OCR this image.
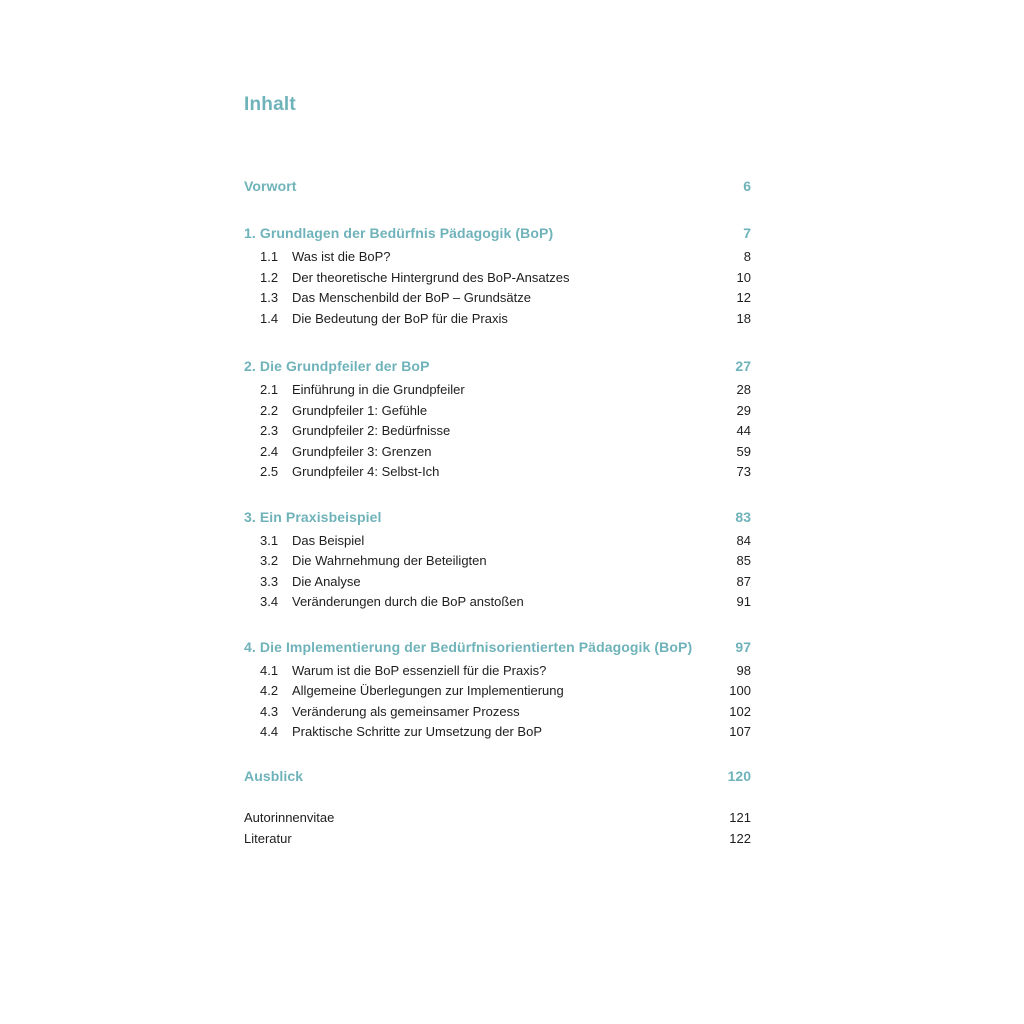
Inhalt
Vorwort	6
1. Grundlagen der Bedürfnis Pädagogik (BoP)	7
1.1 Was ist die BoP?	8
1.2 Der theoretische Hintergrund des BoP-Ansatzes	10
1.3 Das Menschenbild der BoP – Grundsätze	12
1.4 Die Bedeutung der BoP für die Praxis	18
2. Die Grundpfeiler der BoP	27
2.1 Einführung in die Grundpfeiler	28
2.2 Grundpfeiler 1: Gefühle	29
2.3 Grundpfeiler 2: Bedürfnisse	44
2.4 Grundpfeiler 3: Grenzen	59
2.5 Grundpfeiler 4: Selbst-Ich	73
3. Ein Praxisbeispiel	83
3.1 Das Beispiel	84
3.2 Die Wahrnehmung der Beteiligten	85
3.3 Die Analyse	87
3.4 Veränderungen durch die BoP anstoßen	91
4. Die Implementierung der Bedürfnisorientierten Pädagogik (BoP)	97
4.1 Warum ist die BoP essenziell für die Praxis?	98
4.2 Allgemeine Überlegungen zur Implementierung	100
4.3 Veränderung als gemeinsamer Prozess	102
4.4 Praktische Schritte zur Umsetzung der BoP	107
Ausblick	120
Autorinnenvitae	121
Literatur	122
